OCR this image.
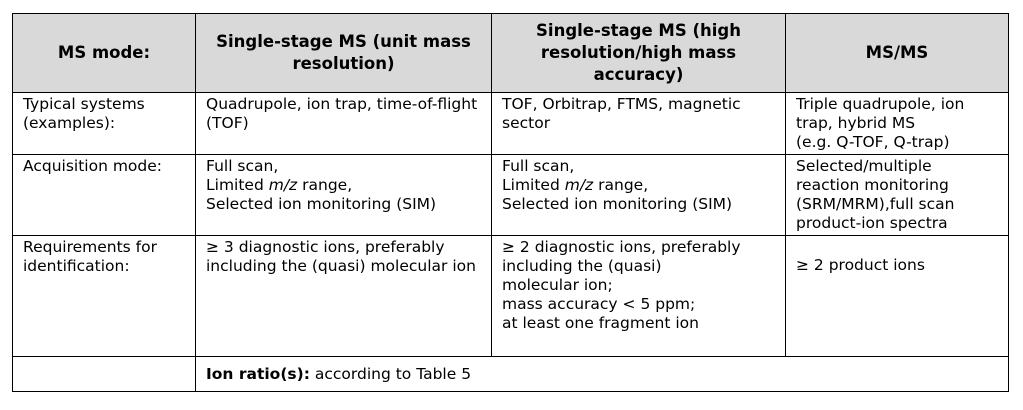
MS mode:	Single-stage MS (unit mass resolution)	Single-stage MS (high resolution/high mass accuracy)	MS/MS
Typical systems (examples):	Quadrupole, ion trap, time-of-flight (TOF)	TOF, Orbitrap, FTMS, magnetic sector	Triple quadrupole, ion
trap, hybrid MS
(e.g. Q-TOF, Q-trap)

Acquisition mode:	Full scan,
Limited m/z range,
Selected ion monitoring (SIM)	Full scan,
Limited m/z range,
Selected ion monitoring (SIM)	Selected/multiple
reaction monitoring
(SRM/MRM),full scan
product-ion spectra

Requirements for identification:	≥ 3 diagnostic ions, preferably including the (quasi) molecular ion	≥ 2 diagnostic ions, preferably
including the (quasi)
molecular ion;
mass accuracy < 5 ppm;
at least one fragment ion	≥ 2 product ions
	Ion ratio(s): according to Table 5		
